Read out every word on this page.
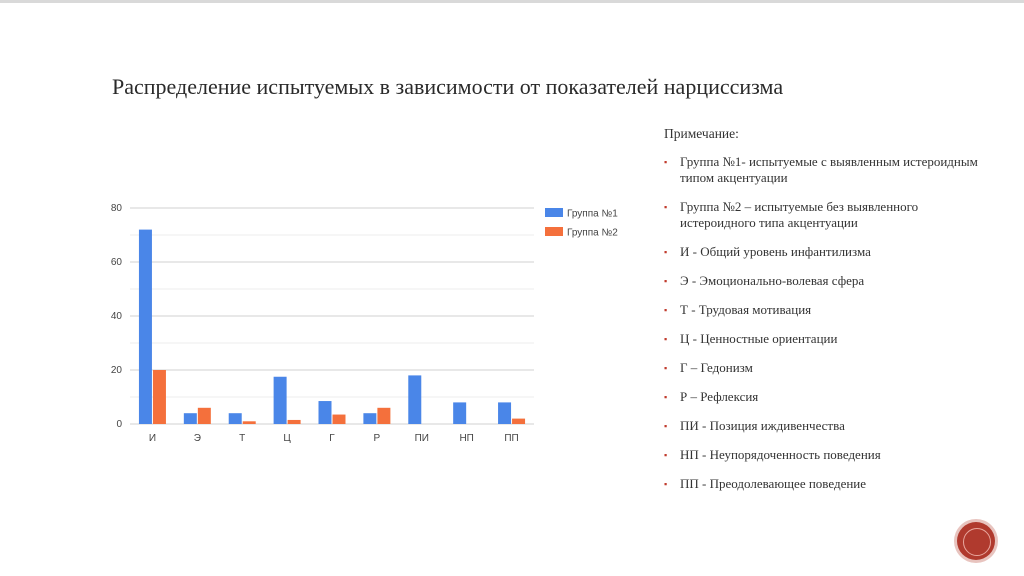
Распределение испытуемых в зависимости от показателей нарциссизма
0
20
40
60
80
И	Э	Т	Ц	Г	Р	ПИ	НП	ПП
Группа №1
Группа №2
Примечание:
▪ Группа №1- испытуемые с выявленным истероидным типом акцентуации
▪ Группа №2 – испытуемые без выявленного истероидного типа акцентуации
▪ И - Общий уровень инфантилизма
▪ Э - Эмоционально-волевая сфера
▪ Т - Трудовая мотивация
▪ Ц - Ценностные ориентации
▪ Г – Гедонизм
▪ Р – Рефлексия
▪ ПИ - Позиция иждивенчества
▪ НП - Неупорядоченность поведения
▪ ПП - Преодолевающее поведение
